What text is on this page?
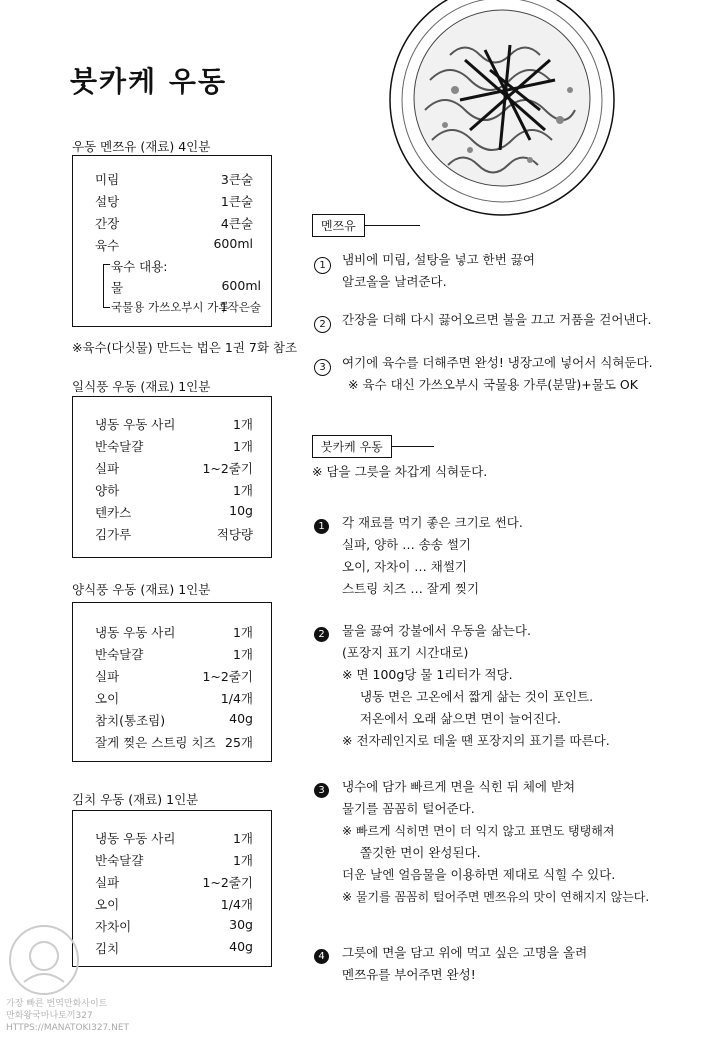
붓카케 우동
우동 멘쯔유 (재료) 4인분
미림	3큰술
설탕	1큰술
간장	4큰술
육수	600ml
육수 대용:
물	600ml
국물용 가쓰오부시 가루
1작은술
※육수(다싯물) 만드는 법은 1권 7화 참조
일식풍 우동 (재료) 1인분
냉동 우동 사리	1개
반숙달걀	1개
실파	1~2줄기
양하	1개
텐카스	10g
김가루	적당량
양식풍 우동 (재료) 1인분
냉동 우동 사리	1개
반숙달걀	1개
실파	1~2줄기
오이	1/4개
참치(통조림)	40g
잘게 찢은 스트링 치즈 25개
김치 우동 (재료) 1인분
냉동 우동 사리	1개
반숙달걀	1개
실파	1~2줄기
오이	1/4개
자차이	30g
김치	40g
멘쯔유
1	냄비에 미림, 설탕을 넣고 한번 끓여
알코올을 날려준다.
2	간장을 더해 다시 끓어오르면 불을 끄고 거품을 걷어낸다.
3	여기에 육수를 더해주면 완성! 냉장고에 넣어서 식혀둔다.
※ 육수 대신 가쓰오부시 국물용 가루(분말)+물도 OK
붓카케 우동
※ 담을 그릇을 차갑게 식혀둔다.
1	각 재료를 먹기 좋은 크기로 썬다.
실파, 양하 … 송송 썰기
오이, 자차이 … 채썰기
스트링 치즈 … 잘게 찢기
2	물을 끓여 강불에서 우동을 삶는다.
(포장지 표기 시간대로)
※ 면 100g당 물 1리터가 적당.
냉동 면은 고온에서 짧게 삶는 것이 포인트.
저온에서 오래 삶으면 면이 늘어진다.
※ 전자레인지로 데울 땐 포장지의 표기를 따른다.
3	냉수에 담가 빠르게 면을 식힌 뒤 체에 받쳐
물기를 꼼꼼히 털어준다.
※ 빠르게 식히면 면이 더 익지 않고 표면도 탱탱해져
쫄깃한 면이 완성된다.
더운 날엔 얼음물을 이용하면 제대로 식힐 수 있다.
※ 물기를 꼼꼼히 털어주면 멘쯔유의 맛이 연해지지 않는다.
4	그릇에 면을 담고 위에 먹고 싶은 고명을 올려
멘쯔유를 부어주면 완성!
가장 빠른 번역만화사이트
만화왕국마나토끼327
HTTPS://MANATOKI327.NET
